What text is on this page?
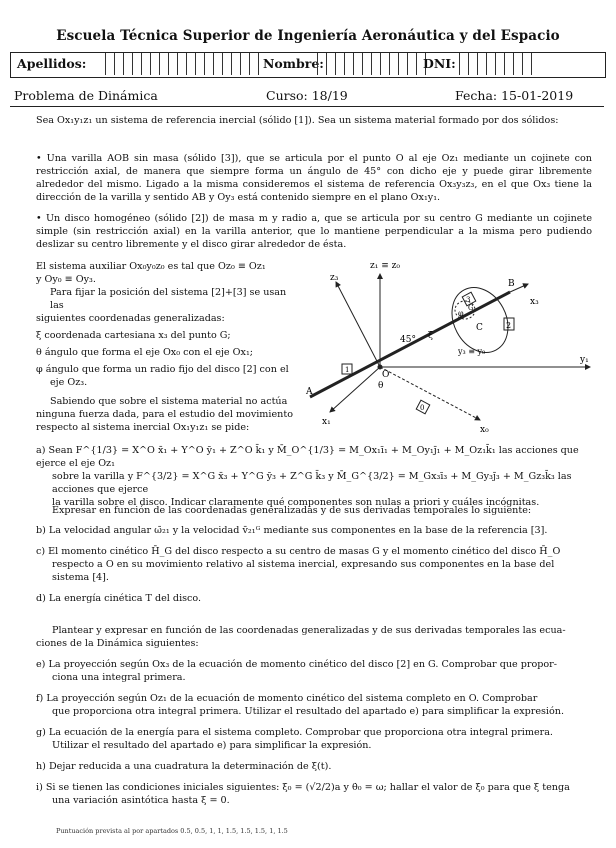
Escuela Técnica Superior de Ingeniería Aeronáutica y del Espacio
Apellidos:	Nombre:	DNI:
Problema de Dinámica	Curso: 18/19	Fecha: 15-01-2019
Sea Ox₁y₁z₁ un sistema de referencia inercial (sólido [1]). Sea un sistema material formado por dos sólidos:
• Una varilla AOB sin masa (sólido [3]), que se articula por el punto O al eje Oz₁ mediante un cojinete con restricción axial, de manera que siempre forma un ángulo de 45° con dicho eje y puede girar libremente alrededor del mismo. Ligado a la misma consideremos el sistema de referencia Ox₃y₃z₃, en el que Ox₃ tiene la dirección de la varilla y sentido AB y Oy₃ está contenido siempre en el plano Ox₁y₁.
• Un disco homogéneo (sólido [2]) de masa m y radio a, que se articula por su centro G mediante un cojinete simple (sin restricción axial) en la varilla anterior, que lo mantiene perpendicular a la misma pero pudiendo deslizar su centro libremente y el disco girar alrededor de ésta.
El sistema auxiliar Ox₀y₀z₀ es tal que Oz₀ ≡ Oz₁
y Oy₀ ≡ Oy₃.
Para fijar la posición del sistema [2]+[3] se usan las
siguientes coordenadas generalizadas:
ξ coordenada cartesiana x₃ del punto G;
θ ángulo que forma el eje Ox₀ con el eje Ox₁;
φ ángulo que forma un radio fijo del disco [2] con el
eje Oz₃.
Sabiendo que sobre el sistema material no actúa
ninguna fuerza dada, para el estudio del movimiento
respecto al sistema inercial Ox₁y₁z₁ se pide:
z₁ ≡ z₀
y₁
x₁
x₀
z₃
x₃
B
A
O
C
G
φ
45° ξ
θ
y₃ ≡ y₀
1
2
3
0
a) Sean F^{1/3} = X^O x̄₁ + Y^O ȳ₁ + Z^O k̄₁ y M̄_O^{1/3} = M_Ox₁ī₁ + M_Oy₁j̄₁ + M_Oz₁k̄₁ las acciones que ejerce el eje Oz₁
sobre la varilla y F^{3/2} = X^G x̄₃ + Y^G ȳ₃ + Z^G k̄₃ y M̄_G^{3/2} = M_Gx₃ī₃ + M_Gy₃j̄₃ + M_Gz₃k̄₃ las acciones que ejerce
la varilla sobre el disco. Indicar claramente qué componentes son nulas a priori y cuáles incógnitas.
Expresar en función de las coordenadas generalizadas y de sus derivadas temporales lo siguiente:
b) La velocidad angular ω̄₂₁ y la velocidad v̄₂₁ᴳ mediante sus componentes en la base de la referencia [3].
c) El momento cinético H̄_G del disco respecto a su centro de masas G y el momento cinético del disco H̄_O
respecto a O en su movimiento relativo al sistema inercial, expresando sus componentes en la base del
sistema [4].
d) La energía cinética T del disco.
Plantear y expresar en función de las coordenadas generalizadas y de sus derivadas temporales las ecua-
ciones de la Dinámica siguientes:
e) La proyección según Ox₃ de la ecuación de momento cinético del disco [2] en G. Comprobar que propor-
ciona una integral primera.
f) La proyección según Oz₁ de la ecuación de momento cinético del sistema completo en O. Comprobar
que proporciona otra integral primera. Utilizar el resultado del apartado e) para simplificar la expresión.
g) La ecuación de la energía para el sistema completo. Comprobar que proporciona otra integral primera.
Utilizar el resultado del apartado e) para simplificar la expresión.
h) Dejar reducida a una cuadratura la determinación de ξ(t).
i) Si se tienen las condiciones iniciales siguientes: ξ₀ = (√2/2)a y θ̇₀ = ω; hallar el valor de ξ̇₀ para que ξ tenga
una variación asintótica hasta ξ = 0.
Puntuación prevista al por apartados 0.5, 0.5, 1, 1, 1.5, 1.5, 1.5, 1, 1.5
